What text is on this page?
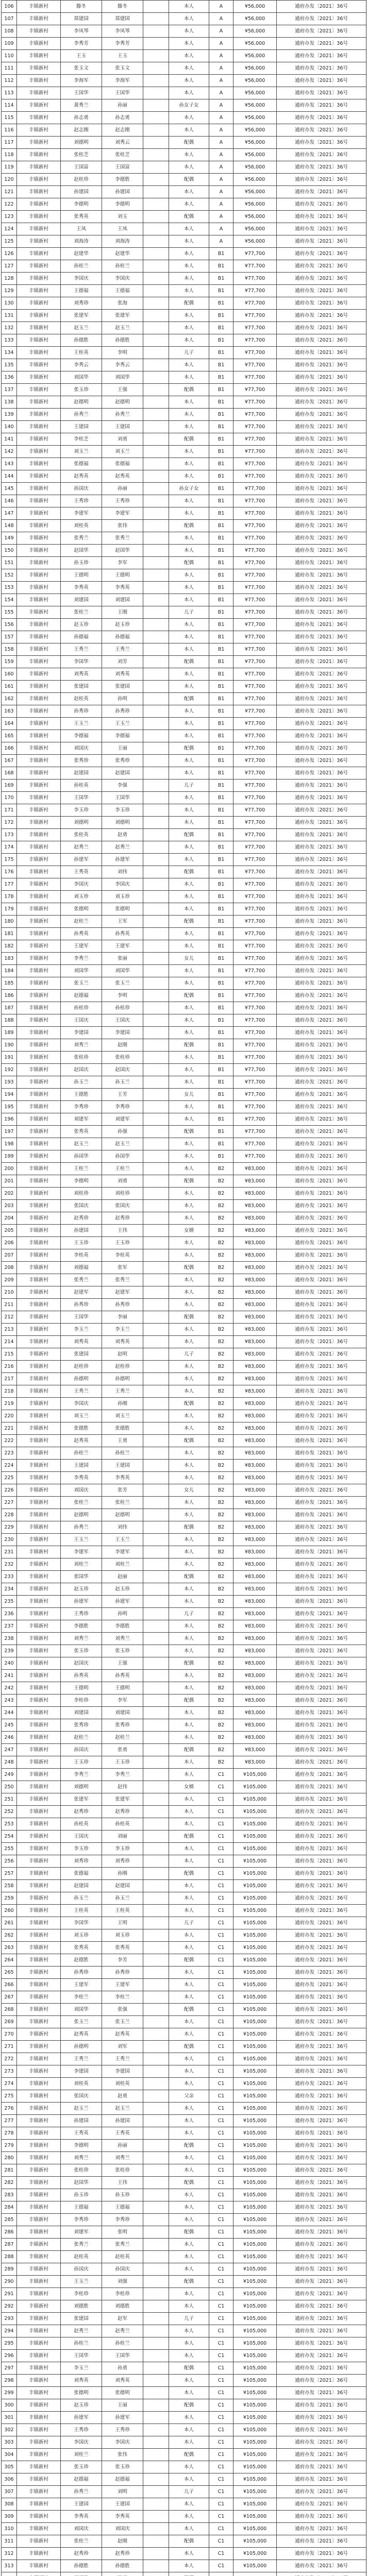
106	丰镇新村	滕冬	滕冬		本人	A	¥56,000	通府办发〔2021〕36号
107	丰镇新村	郑建国	郑建国		本人	A	¥56,000	通府办发〔2021〕36号
108	丰镇新村	李凤琴	李凤琴		本人	A	¥56,000	通府办发〔2021〕36号
109	丰镇新村	李秀芳	李秀芳		本人	A	¥56,000	通府办发〔2021〕36号
110	丰镇新村	王玉	王玉		本人	A	¥56,000	通府办发〔2021〕36号
111	丰镇新村	张玉文	张玉文		本人	A	¥56,000	通府办发〔2021〕36号
112	丰镇新村	李海军	李海军		本人	A	¥56,000	通府办发〔2021〕36号
113	丰镇新村	王国华	王国华		本人	A	¥56,000	通府办发〔2021〕36号
114	丰镇新村	黄秀兰	孙丽		孙女子女	A	¥56,000	通府办发〔2021〕36号
115	丰镇新村	孙志勇	孙志勇		本人	A	¥56,000	通府办发〔2021〕36号
116	丰镇新村	赵志刚	赵志刚		本人	A	¥56,000	通府办发〔2021〕36号
117	丰镇新村	刘德明	刘秀云		配偶	A	¥56,000	通府办发〔2021〕36号
118	丰镇新村	张桂芝	张桂芝		本人	A	¥56,000	通府办发〔2021〕36号
119	丰镇新村	王国富	王国富		本人	A	¥56,000	通府办发〔2021〕36号
120	丰镇新村	赵桂珍	李德胜		配偶	A	¥56,000	通府办发〔2021〕36号
121	丰镇新村	孙建国	孙建国		本人	A	¥56,000	通府办发〔2021〕36号
122	丰镇新村	李德明	李德明		本人	A	¥56,000	通府办发〔2021〕36号
123	丰镇新村	张秀英	刘玉		配偶	A	¥56,000	通府办发〔2021〕36号
124	丰镇新村	王凤	王凤		本人	A	¥56,000	通府办发〔2021〕36号
125	丰镇新村	刘海涛	刘海涛		本人	A	¥56,000	通府办发〔2021〕36号
126	丰镇新村	赵建华	赵建华		本人	B1	¥77,700	通府办发〔2021〕36号
127	丰镇新村	孙桂兰	孙桂兰		本人	B1	¥77,700	通府办发〔2021〕36号
128	丰镇新村	李国庆	李国庆		本人	B1	¥77,700	通府办发〔2021〕36号
129	丰镇新村	王德福	王德福		本人	B1	¥77,700	通府办发〔2021〕36号
130	丰镇新村	刘秀珍	张海		配偶	B1	¥77,700	通府办发〔2021〕36号
131	丰镇新村	张建军	张建军		本人	B1	¥77,700	通府办发〔2021〕36号
132	丰镇新村	赵玉兰	赵玉兰		本人	B1	¥77,700	通府办发〔2021〕36号
133	丰镇新村	孙德胜	孙德胜		本人	B1	¥77,700	通府办发〔2021〕36号
134	丰镇新村	王桂英	李明		儿子	B1	¥77,700	通府办发〔2021〕36号
135	丰镇新村	李秀云	李秀云		本人	B1	¥77,700	通府办发〔2021〕36号
136	丰镇新村	刘国华	刘国华		本人	B1	¥77,700	通府办发〔2021〕36号
137	丰镇新村	张玉珍	王强		配偶	B1	¥77,700	通府办发〔2021〕36号
138	丰镇新村	赵德明	赵德明		本人	B1	¥77,700	通府办发〔2021〕36号
139	丰镇新村	孙秀兰	孙秀兰		本人	B1	¥77,700	通府办发〔2021〕36号
140	丰镇新村	王建国	王建国		本人	B1	¥77,700	通府办发〔2021〕36号
141	丰镇新村	李桂芝	刘勇		配偶	B1	¥77,700	通府办发〔2021〕36号
142	丰镇新村	刘玉兰	刘玉兰		本人	B1	¥77,700	通府办发〔2021〕36号
143	丰镇新村	张德福	张德福		本人	B1	¥77,700	通府办发〔2021〕36号
144	丰镇新村	赵秀英	赵秀英		本人	B1	¥77,700	通府办发〔2021〕36号
145	丰镇新村	孙国庆	孙丽		孙女子女	B1	¥77,700	通府办发〔2021〕36号
146	丰镇新村	王秀珍	王秀珍		本人	B1	¥77,700	通府办发〔2021〕36号
147	丰镇新村	李建军	李建军		本人	B1	¥77,700	通府办发〔2021〕36号
148	丰镇新村	刘桂英	张伟		配偶	B1	¥77,700	通府办发〔2021〕36号
149	丰镇新村	张秀兰	张秀兰		本人	B1	¥77,700	通府办发〔2021〕36号
150	丰镇新村	赵国华	赵国华		本人	B1	¥77,700	通府办发〔2021〕36号
151	丰镇新村	孙玉珍	李军		配偶	B1	¥77,700	通府办发〔2021〕36号
152	丰镇新村	王德明	王德明		本人	B1	¥77,700	通府办发〔2021〕36号
153	丰镇新村	李秀英	李秀英		本人	B1	¥77,700	通府办发〔2021〕36号
154	丰镇新村	刘建国	刘建国		本人	B1	¥77,700	通府办发〔2021〕36号
155	丰镇新村	张桂兰	王刚		儿子	B1	¥77,700	通府办发〔2021〕36号
156	丰镇新村	赵玉珍	赵玉珍		本人	B1	¥77,700	通府办发〔2021〕36号
157	丰镇新村	孙德福	孙德福		本人	B1	¥77,700	通府办发〔2021〕36号
158	丰镇新村	王秀兰	王秀兰		本人	B1	¥77,700	通府办发〔2021〕36号
159	丰镇新村	李国华	刘芳		配偶	B1	¥77,700	通府办发〔2021〕36号
160	丰镇新村	刘秀英	刘秀英		本人	B1	¥77,700	通府办发〔2021〕36号
161	丰镇新村	张建国	张建国		本人	B1	¥77,700	通府办发〔2021〕36号
162	丰镇新村	赵桂英	孙明		配偶	B1	¥77,700	通府办发〔2021〕36号
163	丰镇新村	孙秀珍	孙秀珍		本人	B1	¥77,700	通府办发〔2021〕36号
164	丰镇新村	王玉兰	王玉兰		本人	B1	¥77,700	通府办发〔2021〕36号
165	丰镇新村	李德福	李德福		本人	B1	¥77,700	通府办发〔2021〕36号
166	丰镇新村	刘国庆	王丽		配偶	B1	¥77,700	通府办发〔2021〕36号
167	丰镇新村	张秀珍	张秀珍		本人	B1	¥77,700	通府办发〔2021〕36号
168	丰镇新村	赵建国	赵建国		本人	B1	¥77,700	通府办发〔2021〕36号
169	丰镇新村	孙桂英	李强		儿子	B1	¥77,700	通府办发〔2021〕36号
170	丰镇新村	王国华	王国华		本人	B1	¥77,700	通府办发〔2021〕36号
171	丰镇新村	李玉珍	李玉珍		本人	B1	¥77,700	通府办发〔2021〕36号
172	丰镇新村	刘德明	刘德明		本人	B1	¥77,700	通府办发〔2021〕36号
173	丰镇新村	张桂英	赵勇		配偶	B1	¥77,700	通府办发〔2021〕36号
174	丰镇新村	赵秀兰	赵秀兰		本人	B1	¥77,700	通府办发〔2021〕36号
175	丰镇新村	孙建军	孙建军		本人	B1	¥77,700	通府办发〔2021〕36号
176	丰镇新村	王秀英	刘伟		配偶	B1	¥77,700	通府办发〔2021〕36号
177	丰镇新村	李国庆	李国庆		本人	B1	¥77,700	通府办发〔2021〕36号
178	丰镇新村	刘玉珍	刘玉珍		本人	B1	¥77,700	通府办发〔2021〕36号
179	丰镇新村	张德明	张德明		本人	B1	¥77,700	通府办发〔2021〕36号
180	丰镇新村	赵桂兰	王军		配偶	B1	¥77,700	通府办发〔2021〕36号
181	丰镇新村	孙秀英	孙秀英		本人	B1	¥77,700	通府办发〔2021〕36号
182	丰镇新村	王建军	王建军		本人	B1	¥77,700	通府办发〔2021〕36号
183	丰镇新村	李秀兰	张丽		女儿	B1	¥77,700	通府办发〔2021〕36号
184	丰镇新村	刘国华	刘国华		本人	B1	¥77,700	通府办发〔2021〕36号
185	丰镇新村	张玉兰	张玉兰		本人	B1	¥77,700	通府办发〔2021〕36号
186	丰镇新村	赵德福	李明		配偶	B1	¥77,700	通府办发〔2021〕36号
187	丰镇新村	孙桂珍	孙桂珍		本人	B1	¥77,700	通府办发〔2021〕36号
188	丰镇新村	王国庆	王国庆		本人	B1	¥77,700	通府办发〔2021〕36号
189	丰镇新村	李建国	李建国		本人	B1	¥77,700	通府办发〔2021〕36号
190	丰镇新村	刘秀兰	赵刚		配偶	B1	¥77,700	通府办发〔2021〕36号
191	丰镇新村	张桂珍	张桂珍		本人	B1	¥77,700	通府办发〔2021〕36号
192	丰镇新村	赵国庆	赵国庆		本人	B1	¥77,700	通府办发〔2021〕36号
193	丰镇新村	孙玉兰	孙玉兰		本人	B1	¥77,700	通府办发〔2021〕36号
194	丰镇新村	王德胜	王芳		女儿	B1	¥77,700	通府办发〔2021〕36号
195	丰镇新村	李秀珍	李秀珍		本人	B1	¥77,700	通府办发〔2021〕36号
196	丰镇新村	刘建军	刘建军		本人	B1	¥77,700	通府办发〔2021〕36号
197	丰镇新村	张秀英	孙强		配偶	B1	¥77,700	通府办发〔2021〕36号
198	丰镇新村	赵玉兰	赵玉兰		本人	B1	¥77,700	通府办发〔2021〕36号
199	丰镇新村	孙国华	孙国华		本人	B1	¥77,700	通府办发〔2021〕36号
200	丰镇新村	王桂兰	王桂兰		本人	B2	¥83,000	通府办发〔2021〕36号
201	丰镇新村	李德明	刘勇		配偶	B2	¥83,000	通府办发〔2021〕36号
202	丰镇新村	刘桂珍	刘桂珍		本人	B2	¥83,000	通府办发〔2021〕36号
203	丰镇新村	张国庆	张国庆		本人	B2	¥83,000	通府办发〔2021〕36号
204	丰镇新村	赵秀珍	赵秀珍		本人	B2	¥83,000	通府办发〔2021〕36号
205	丰镇新村	孙建国	王伟		女婿	B2	¥83,000	通府办发〔2021〕36号
206	丰镇新村	王玉珍	王玉珍		本人	B2	¥83,000	通府办发〔2021〕36号
207	丰镇新村	李桂英	李桂英		本人	B2	¥83,000	通府办发〔2021〕36号
208	丰镇新村	刘德福	张军		配偶	B2	¥83,000	通府办发〔2021〕36号
209	丰镇新村	张秀兰	张秀兰		本人	B2	¥83,000	通府办发〔2021〕36号
210	丰镇新村	赵建军	赵建军		本人	B2	¥83,000	通府办发〔2021〕36号
211	丰镇新村	孙秀珍	孙秀珍		本人	B2	¥83,000	通府办发〔2021〕36号
212	丰镇新村	王国华	李丽		配偶	B2	¥83,000	通府办发〔2021〕36号
213	丰镇新村	李玉兰	李玉兰		本人	B2	¥83,000	通府办发〔2021〕36号
214	丰镇新村	刘秀英	刘秀英		本人	B2	¥83,000	通府办发〔2021〕36号
215	丰镇新村	张建国	赵明		儿子	B2	¥83,000	通府办发〔2021〕36号
216	丰镇新村	赵桂珍	赵桂珍		本人	B2	¥83,000	通府办发〔2021〕36号
217	丰镇新村	孙德明	孙德明		本人	B2	¥83,000	通府办发〔2021〕36号
218	丰镇新村	王秀兰	王秀兰		本人	B2	¥83,000	通府办发〔2021〕36号
219	丰镇新村	李国庆	孙刚		配偶	B2	¥83,000	通府办发〔2021〕36号
220	丰镇新村	刘玉兰	刘玉兰		本人	B2	¥83,000	通府办发〔2021〕36号
221	丰镇新村	张德胜	张德胜		本人	B2	¥83,000	通府办发〔2021〕36号
222	丰镇新村	赵秀英	王勇		配偶	B2	¥83,000	通府办发〔2021〕36号
223	丰镇新村	孙桂兰	孙桂兰		本人	B2	¥83,000	通府办发〔2021〕36号
224	丰镇新村	王建国	王建国		本人	B2	¥83,000	通府办发〔2021〕36号
225	丰镇新村	李秀英	李秀英		本人	B2	¥83,000	通府办发〔2021〕36号
226	丰镇新村	刘国庆	张芳		女儿	B2	¥83,000	通府办发〔2021〕36号
227	丰镇新村	张桂兰	张桂兰		本人	B2	¥83,000	通府办发〔2021〕36号
228	丰镇新村	赵德明	赵德明		本人	B2	¥83,000	通府办发〔2021〕36号
229	丰镇新村	孙秀兰	刘伟		配偶	B2	¥83,000	通府办发〔2021〕36号
230	丰镇新村	王玉兰	王玉兰		本人	B2	¥83,000	通府办发〔2021〕36号
231	丰镇新村	李建军	李建军		本人	B2	¥83,000	通府办发〔2021〕36号
232	丰镇新村	刘桂兰	刘桂兰		本人	B2	¥83,000	通府办发〔2021〕36号
233	丰镇新村	张国华	赵丽		配偶	B2	¥83,000	通府办发〔2021〕36号
234	丰镇新村	赵玉珍	赵玉珍		本人	B2	¥83,000	通府办发〔2021〕36号
235	丰镇新村	孙建军	孙建军		本人	B2	¥83,000	通府办发〔2021〕36号
236	丰镇新村	王秀珍	孙明		儿子	B2	¥83,000	通府办发〔2021〕36号
237	丰镇新村	李德胜	李德胜		本人	B2	¥83,000	通府办发〔2021〕36号
238	丰镇新村	刘秀兰	刘秀兰		本人	B2	¥83,000	通府办发〔2021〕36号
239	丰镇新村	张玉珍	张玉珍		本人	B2	¥83,000	通府办发〔2021〕36号
240	丰镇新村	赵国庆	王强		配偶	B2	¥83,000	通府办发〔2021〕36号
241	丰镇新村	孙秀英	孙秀英		本人	B2	¥83,000	通府办发〔2021〕36号
242	丰镇新村	王德明	王德明		本人	B2	¥83,000	通府办发〔2021〕36号
243	丰镇新村	李桂珍	李军		配偶	B2	¥83,000	通府办发〔2021〕36号
244	丰镇新村	刘建国	刘建国		本人	B2	¥83,000	通府办发〔2021〕36号
245	丰镇新村	张秀珍	张秀珍		本人	B2	¥83,000	通府办发〔2021〕36号
246	丰镇新村	赵桂兰	赵桂兰		本人	B2	¥83,000	通府办发〔2021〕36号
247	丰镇新村	孙国庆	张勇		配偶	B2	¥83,000	通府办发〔2021〕36号
248	丰镇新村	王玉珍	王玉珍		本人	B2	¥83,000	通府办发〔2021〕36号
249	丰镇新村	李秀兰	李秀兰		本人	C1	¥105,000	通府办发〔2021〕36号
250	丰镇新村	刘德明	赵伟		女婿	C1	¥105,000	通府办发〔2021〕36号
251	丰镇新村	张建军	张建军		本人	C1	¥105,000	通府办发〔2021〕36号
252	丰镇新村	赵秀珍	赵秀珍		本人	C1	¥105,000	通府办发〔2021〕36号
253	丰镇新村	孙桂英	孙桂英		本人	C1	¥105,000	通府办发〔2021〕36号
254	丰镇新村	王国庆	刘丽		配偶	C1	¥105,000	通府办发〔2021〕36号
255	丰镇新村	李玉珍	李玉珍		本人	C1	¥105,000	通府办发〔2021〕36号
256	丰镇新村	刘秀珍	刘秀珍		本人	C1	¥105,000	通府办发〔2021〕36号
257	丰镇新村	张德福	孙刚		配偶	C1	¥105,000	通府办发〔2021〕36号
258	丰镇新村	赵建国	赵建国		本人	C1	¥105,000	通府办发〔2021〕36号
259	丰镇新村	孙玉兰	孙玉兰		本人	C1	¥105,000	通府办发〔2021〕36号
260	丰镇新村	王桂英	王桂英		本人	C1	¥105,000	通府办发〔2021〕36号
261	丰镇新村	李国华	王明		儿子	C1	¥105,000	通府办发〔2021〕36号
262	丰镇新村	刘玉珍	刘玉珍		本人	C1	¥105,000	通府办发〔2021〕36号
263	丰镇新村	张秀英	张秀英		本人	C1	¥105,000	通府办发〔2021〕36号
264	丰镇新村	赵德胜	李芳		配偶	C1	¥105,000	通府办发〔2021〕36号
265	丰镇新村	孙秀珍	孙秀珍		本人	C1	¥105,000	通府办发〔2021〕36号
266	丰镇新村	王建军	王建军		本人	C1	¥105,000	通府办发〔2021〕36号
267	丰镇新村	李桂兰	李桂兰		本人	C1	¥105,000	通府办发〔2021〕36号
268	丰镇新村	刘国华	张强		配偶	C1	¥105,000	通府办发〔2021〕36号
269	丰镇新村	张玉兰	张玉兰		本人	C1	¥105,000	通府办发〔2021〕36号
270	丰镇新村	赵秀英	赵秀英		本人	C1	¥105,000	通府办发〔2021〕36号
271	丰镇新村	孙德明	刘军		配偶	C1	¥105,000	通府办发〔2021〕36号
272	丰镇新村	王秀兰	王秀兰		本人	C1	¥105,000	通府办发〔2021〕36号
273	丰镇新村	李建国	李建国		本人	C1	¥105,000	通府办发〔2021〕36号
274	丰镇新村	刘桂英	刘桂英		本人	C1	¥105,000	通府办发〔2021〕36号
275	丰镇新村	张国庆	赵勇		父亲	C1	¥105,000	通府办发〔2021〕36号
276	丰镇新村	赵玉兰	赵玉兰		本人	C1	¥105,000	通府办发〔2021〕36号
277	丰镇新村	孙建国	孙建国		本人	C1	¥105,000	通府办发〔2021〕36号
278	丰镇新村	王秀英	王秀英		本人	C1	¥105,000	通府办发〔2021〕36号
279	丰镇新村	李德明	孙丽		配偶	C1	¥105,000	通府办发〔2021〕36号
280	丰镇新村	刘秀兰	刘秀兰		本人	C1	¥105,000	通府办发〔2021〕36号
281	丰镇新村	张桂珍	张桂珍		本人	C1	¥105,000	通府办发〔2021〕36号
282	丰镇新村	赵国华	王伟		配偶	C1	¥105,000	通府办发〔2021〕36号
283	丰镇新村	孙玉珍	孙玉珍		本人	C1	¥105,000	通府办发〔2021〕36号
284	丰镇新村	王德福	王德福		本人	C1	¥105,000	通府办发〔2021〕36号
285	丰镇新村	李秀珍	李秀珍		本人	C1	¥105,000	通府办发〔2021〕36号
286	丰镇新村	刘建军	张明		配偶	C1	¥105,000	通府办发〔2021〕36号
287	丰镇新村	张秀兰	张秀兰		本人	C1	¥105,000	通府办发〔2021〕36号
288	丰镇新村	赵桂英	赵桂英		本人	C1	¥105,000	通府办发〔2021〕36号
289	丰镇新村	孙国庆	孙国庆		本人	C1	¥105,000	通府办发〔2021〕36号
290	丰镇新村	王玉兰	刘强		配偶	C1	¥105,000	通府办发〔2021〕36号
291	丰镇新村	李桂珍	李桂珍		本人	C1	¥105,000	通府办发〔2021〕36号
292	丰镇新村	刘德胜	刘德胜		本人	C1	¥105,000	通府办发〔2021〕36号
293	丰镇新村	张建国	赵军		儿子	C1	¥105,000	通府办发〔2021〕36号
294	丰镇新村	赵秀兰	赵秀兰		本人	C1	¥105,000	通府办发〔2021〕36号
295	丰镇新村	孙桂兰	孙桂兰		本人	C1	¥105,000	通府办发〔2021〕36号
296	丰镇新村	王国华	王国华		本人	C1	¥105,000	通府办发〔2021〕36号
297	丰镇新村	李玉兰	孙勇		配偶	C1	¥105,000	通府办发〔2021〕36号
298	丰镇新村	刘秀英	刘秀英		本人	C1	¥105,000	通府办发〔2021〕36号
299	丰镇新村	张德明	张德明		本人	C1	¥105,000	通府办发〔2021〕36号
300	丰镇新村	赵玉珍	王丽		配偶	C1	¥105,000	通府办发〔2021〕36号
301	丰镇新村	孙建军	孙建军		本人	C1	¥105,000	通府办发〔2021〕36号
302	丰镇新村	王秀珍	王秀珍		本人	C1	¥105,000	通府办发〔2021〕36号
303	丰镇新村	李国庆	李国庆		本人	C1	¥105,000	通府办发〔2021〕36号
304	丰镇新村	刘桂兰	张伟		配偶	C1	¥105,000	通府办发〔2021〕36号
305	丰镇新村	张玉珍	张玉珍		本人	C1	¥105,000	通府办发〔2021〕36号
306	丰镇新村	赵德福	赵德福		本人	C1	¥105,000	通府办发〔2021〕36号
307	丰镇新村	孙秀兰	刘明		儿子	C1	¥105,000	通府办发〔2021〕36号
308	丰镇新村	王建国	王建国		本人	C1	¥105,000	通府办发〔2021〕36号
309	丰镇新村	李秀英	李秀英		本人	C1	¥105,000	通府办发〔2021〕36号
310	丰镇新村	刘国庆	刘国庆		本人	C1	¥105,000	通府办发〔2021〕36号
311	丰镇新村	张桂兰	赵刚		配偶	C1	¥105,000	通府办发〔2021〕36号
312	丰镇新村	赵秀珍	赵秀珍		本人	C1	¥105,000	通府办发〔2021〕36号
313	丰镇新村	孙德胜	孙德胜		本人	C1	¥105,000	通府办发〔2021〕36号
